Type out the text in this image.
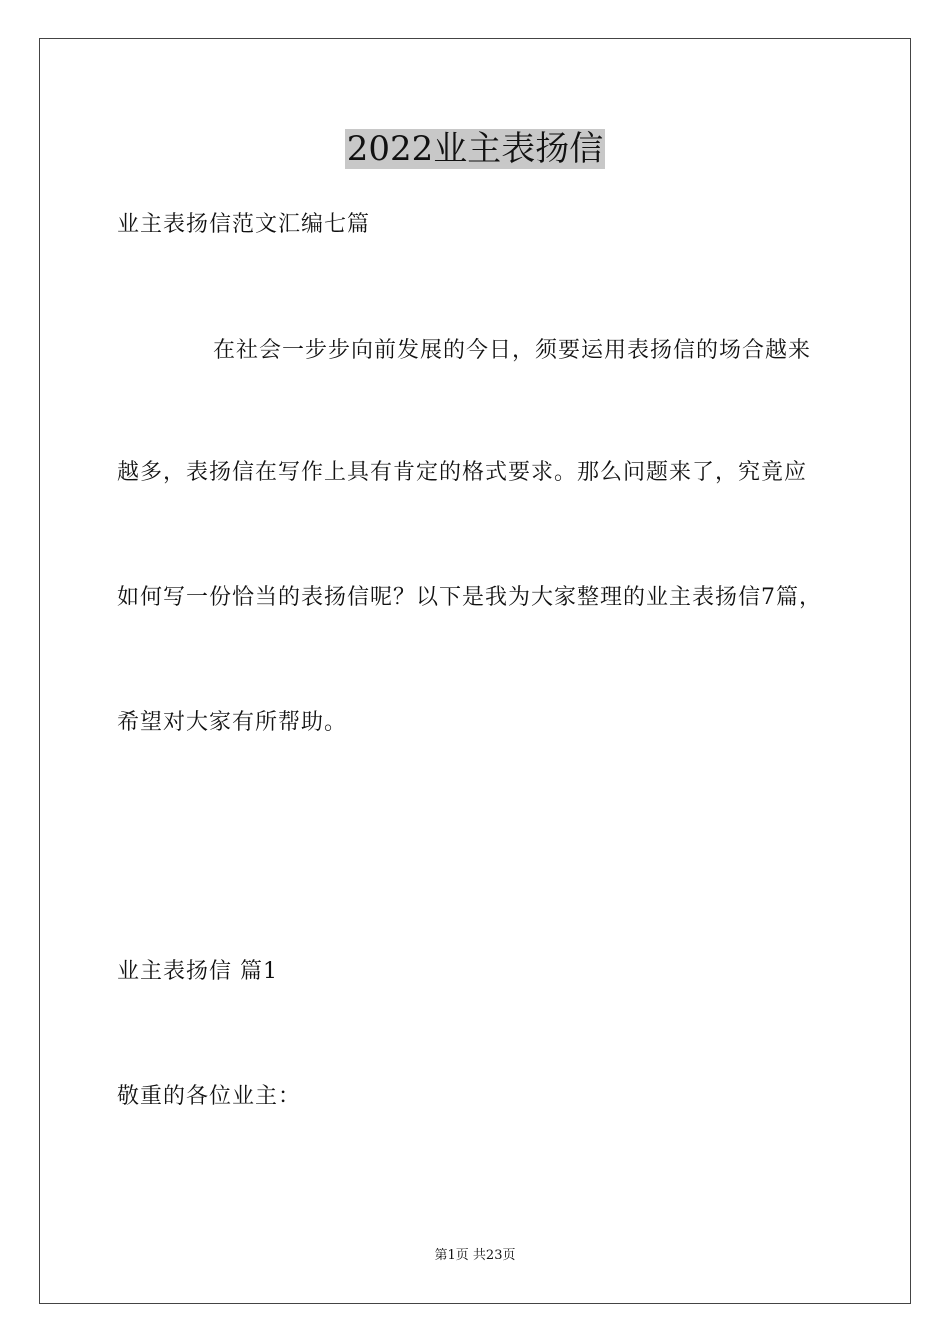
2022业主表扬信
业主表扬信范文汇编七篇
在社会一步步向前发展的今日，须要运用表扬信的场合越来
越多，表扬信在写作上具有肯定的格式要求。那么问题来了，究竟应
如何写一份恰当的表扬信呢？以下是我为大家整理的业主表扬信7篇，
希望对大家有所帮助。
业主表扬信 篇1
敬重的各位业主：
第1页 共23页
